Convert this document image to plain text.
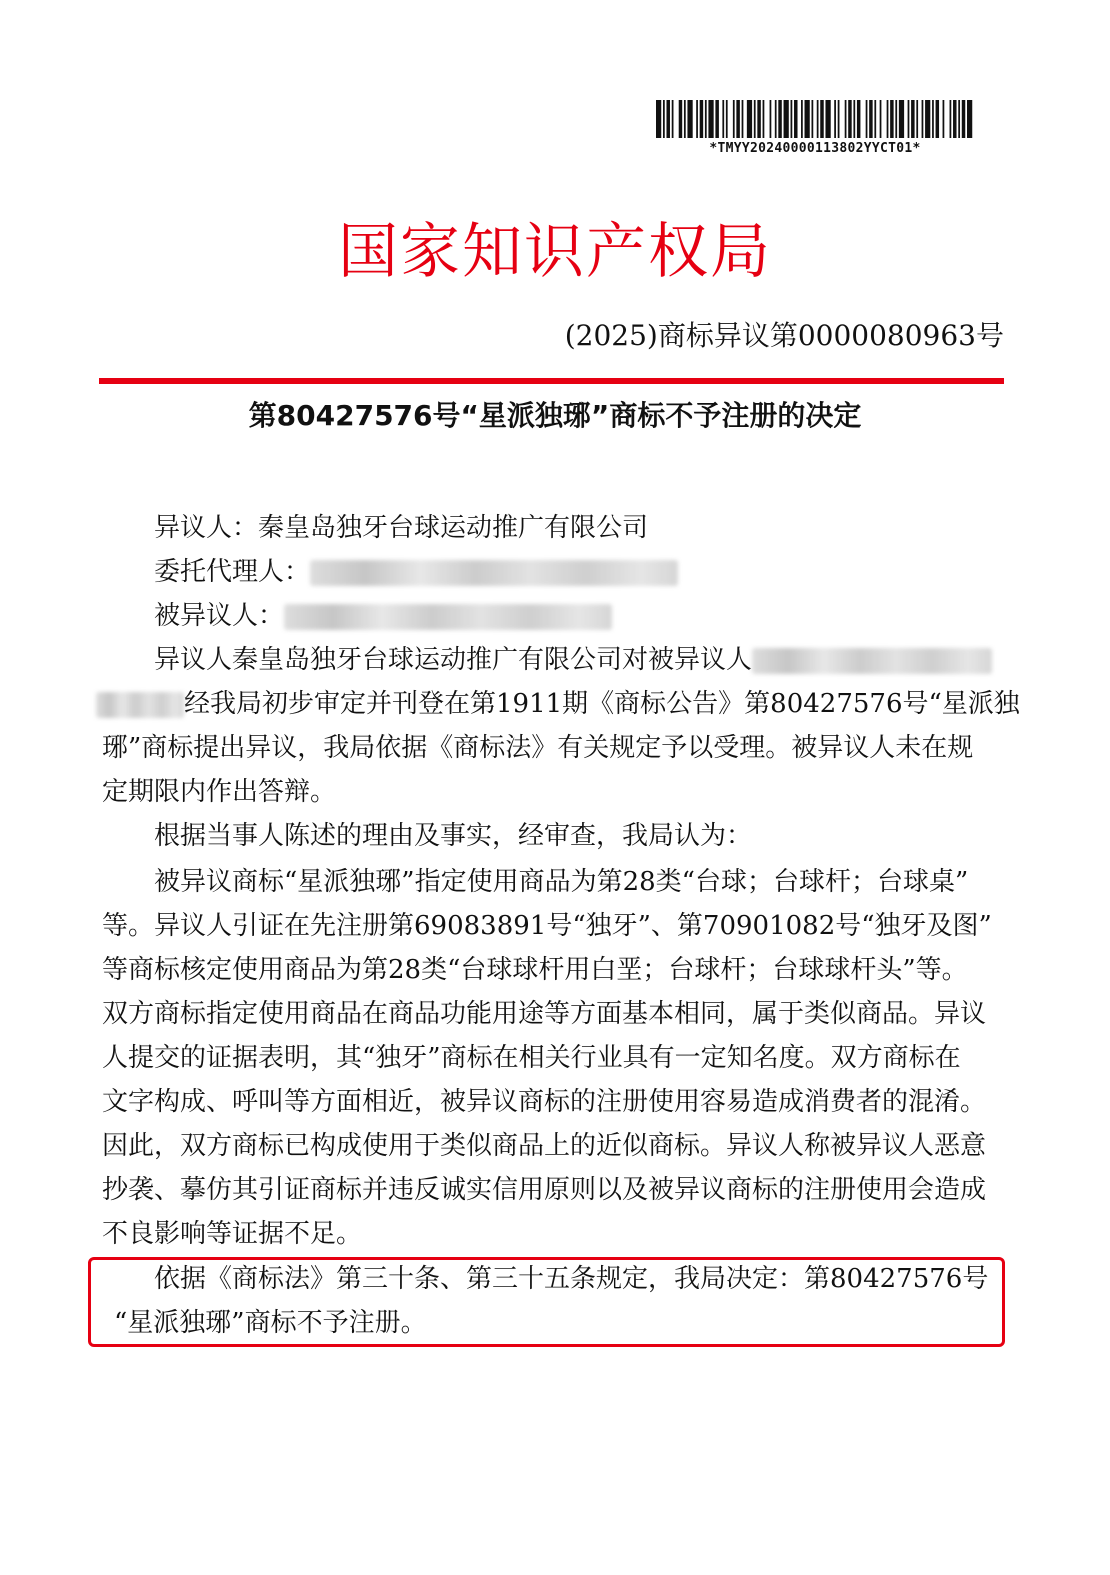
*TMYY20240000113802YYCT01*
国家知识产权局
(2025)商标异议第0000080963号
第80427576号“星派独琊”商标不予注册的决定
异议人：秦皇岛独牙台球运动推广有限公司
委托代理人：
被异议人：
异议人秦皇岛独牙台球运动推广有限公司对被异议人
经我局初步审定并刊登在第1911期《商标公告》第80427576号“星派独
琊”商标提出异议，我局依据《商标法》有关规定予以受理。被异议人未在规
定期限内作出答辩。
根据当事人陈述的理由及事实，经审查，我局认为：
被异议商标“星派独琊”指定使用商品为第28类“台球；台球杆；台球桌”
等。异议人引证在先注册第69083891号“独牙”、第70901082号“独牙及图”
等商标核定使用商品为第28类“台球球杆用白垩；台球杆；台球球杆头”等。
双方商标指定使用商品在商品功能用途等方面基本相同，属于类似商品。异议
人提交的证据表明，其“独牙”商标在相关行业具有一定知名度。双方商标在
文字构成、呼叫等方面相近，被异议商标的注册使用容易造成消费者的混淆。
因此，双方商标已构成使用于类似商品上的近似商标。异议人称被异议人恶意
抄袭、摹仿其引证商标并违反诚实信用原则以及被异议商标的注册使用会造成
不良影响等证据不足。
依据《商标法》第三十条、第三十五条规定，我局决定：第80427576号
“星派独琊”商标不予注册。
